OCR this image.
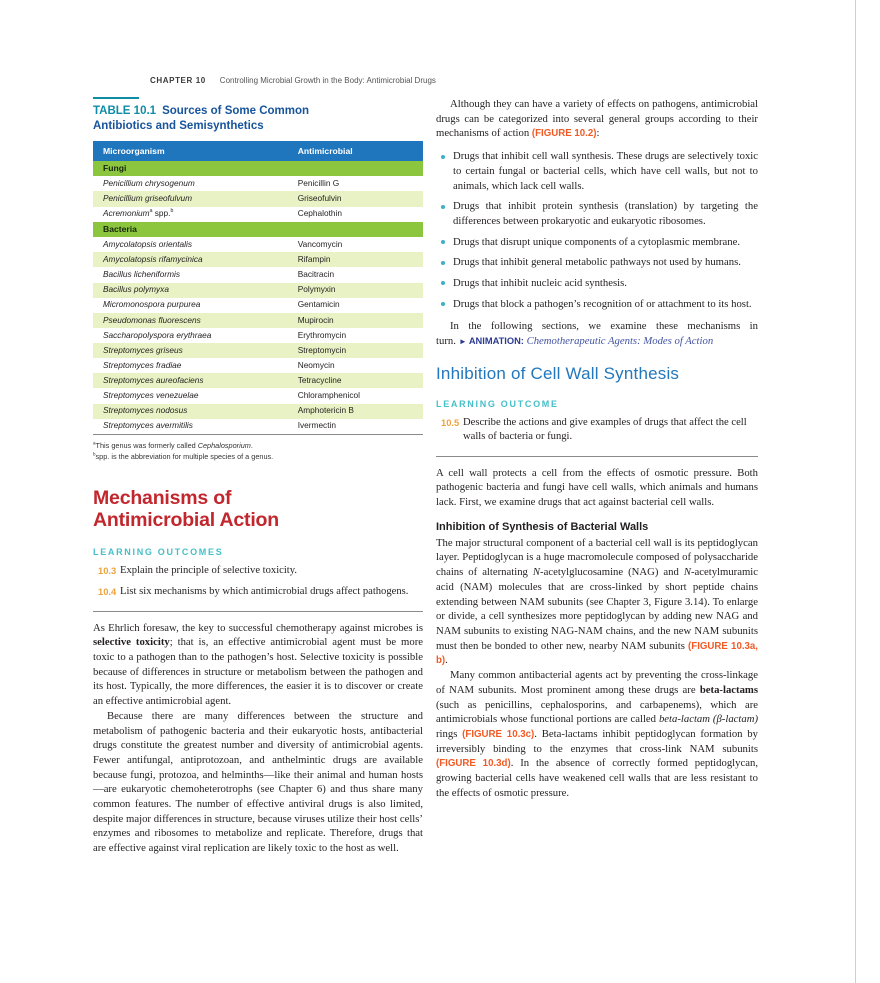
CHAPTER 10 Controlling Microbial Growth in the Body: Antimicrobial Drugs
TABLE 10.1 Sources of Some Common Antibiotics and Semisynthetics
Microorganism	Antimicrobial
Fungi	
Penicillium chrysogenum	Penicillin G
Penicillium griseofulvum	Griseofulvin
Acremonium$^a$ spp.$^b$	Cephalothin
Bacteria	
Amycolatopsis orientalis	Vancomycin
Amycolatopsis rifamycinica	Rifampin
Bacillus licheniformis	Bacitracin
Bacillus polymyxa	Polymyxin
Micromonospora purpurea	Gentamicin
Pseudomonas fluorescens	Mupirocin
Saccharopolyspora erythraea	Erythromycin
Streptomyces griseus	Streptomycin
Streptomyces fradiae	Neomycin
Streptomyces aureofaciens	Tetracycline
Streptomyces venezuelae	Chloramphenicol
Streptomyces nodosus	Amphotericin B
Streptomyces avermitilis	Ivermectin
$^a$This genus was formerly called Cephalosporium.
$^b$spp. is the abbreviation for multiple species of a genus.
Mechanisms of
Antimicrobial Action
LEARNING OUTCOMES
10.3 Explain the principle of selective toxicity.
10.4 List six mechanisms by which antimicrobial drugs affect pathogens.

As Ehrlich foresaw, the key to successful chemotherapy against microbes is selective toxicity; that is, an effective antimicrobial agent must be more toxic to a pathogen than to the pathogen’s host. Selective toxicity is possible because of differences in structure or metabolism between the pathogen and its host. Typically, the more differences, the easier it is to discover or create an effective antimicrobial agent.

Because there are many differences between the structure and metabolism of pathogenic bacteria and their eukaryotic hosts, antibacterial drugs constitute the greatest number and diversity of antimicrobial agents. Fewer antifungal, antiprotozoan, and anthelmintic drugs are available because fungi, protozoa, and helminths—like their animal and human hosts—are eukaryotic chemoheterotrophs (see Chapter 6) and thus share many common features. The number of effective antiviral drugs is also limited, despite major differences in structure, because viruses utilize their host cells’ enzymes and ribosomes to metabolize and replicate. Therefore, drugs that are effective against viral replication are likely toxic to the host as well.

Although they can have a variety of effects on pathogens, antimicrobial drugs can be categorized into several general groups according to their mechanisms of action (FIGURE 10.2):

Drugs that inhibit cell wall synthesis. These drugs are selectively toxic to certain fungal or bacterial cells, which have cell walls, but not to animals, which lack cell walls.
Drugs that inhibit protein synthesis (translation) by targeting the differences between prokaryotic and eukaryotic ribosomes.
Drugs that disrupt unique components of a cytoplasmic membrane.
Drugs that inhibit general metabolic pathways not used by humans.
Drugs that inhibit nucleic acid synthesis.
Drugs that block a pathogen’s recognition of or attachment to its host.

In the following sections, we examine these mechanisms in turn. ► ANIMATION: Chemotherapeutic Agents: Modes of Action

Inhibition of Cell Wall Synthesis
LEARNING OUTCOME
10.5 Describe the actions and give examples of drugs that affect the cell walls of bacteria or fungi.

A cell wall protects a cell from the effects of osmotic pressure. Both pathogenic bacteria and fungi have cell walls, which animals and humans lack. First, we examine drugs that act against bacterial cell walls.

Inhibition of Synthesis of Bacterial Walls

The major structural component of a bacterial cell wall is its peptidoglycan layer. Peptidoglycan is a huge macromolecule composed of polysaccharide chains of alternating N-acetylglucosamine (NAG) and N-acetylmuramic acid (NAM) molecules that are cross-linked by short peptide chains extending between NAM subunits (see Chapter 3, Figure 3.14). To enlarge or divide, a cell synthesizes more peptidoglycan by adding new NAG and NAM subunits to existing NAG-NAM chains, and the new NAM subunits must then be bonded to other new, nearby NAM subunits (FIGURE 10.3a, b).

Many common antibacterial agents act by preventing the cross-linkage of NAM subunits. Most prominent among these drugs are beta-lactams (such as penicillins, cephalosporins, and carbapenems), which are antimicrobials whose functional portions are called beta-lactam (β-lactam) rings (FIGURE 10.3c). Beta-lactams inhibit peptidoglycan formation by irreversibly binding to the enzymes that cross-link NAM subunits (FIGURE 10.3d). In the absence of correctly formed peptidoglycan, growing bacterial cells have weakened cell walls that are less resistant to the effects of osmotic pressure.
